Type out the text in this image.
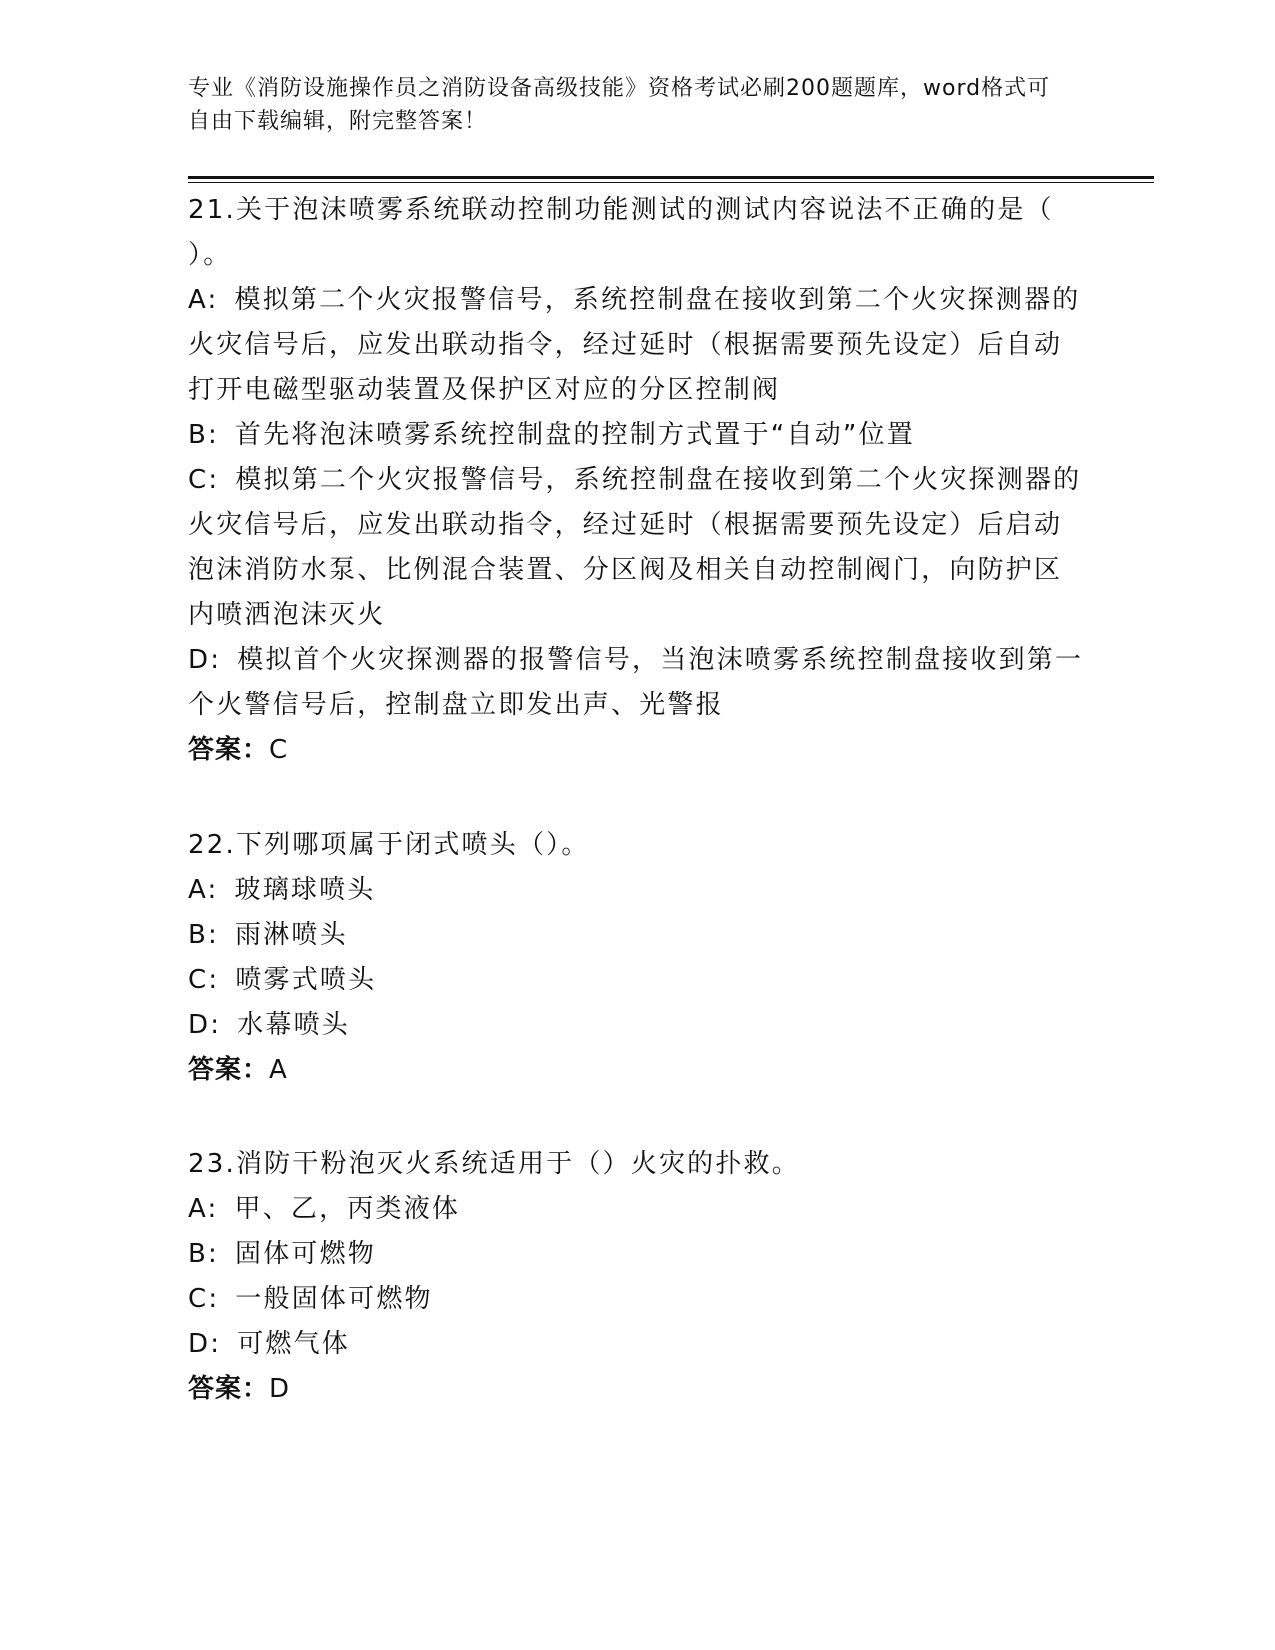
专业《消防设施操作员之消防设备高级技能》资格考试必刷200题题库，word格式可自由下载编辑，附完整答案！

21.关于泡沫喷雾系统联动控制功能测试的测试内容说法不正确的是（ ）。

A: 模拟第二个火灾报警信号，系统控制盘在接收到第二个火灾探测器的火灾信号后，应发出联动指令，经过延时（根据需要预先设定）后自动打开电磁型驱动装置及保护区对应的分区控制阀

B: 首先将泡沫喷雾系统控制盘的控制方式置于“自动”位置

C: 模拟第二个火灾报警信号，系统控制盘在接收到第二个火灾探测器的火灾信号后，应发出联动指令，经过延时（根据需要预先设定）后启动泡沫消防水泵、比例混合装置、分区阀及相关自动控制阀门，向防护区内喷洒泡沫灭火

D: 模拟首个火灾探测器的报警信号，当泡沫喷雾系统控制盘接收到第一个火警信号后，控制盘立即发出声、光警报

答案：C

22.下列哪项属于闭式喷头（）。

A: 玻璃球喷头

B: 雨淋喷头

C: 喷雾式喷头

D: 水幕喷头

答案：A

23.消防干粉泡灭火系统适用于（）火灾的扑救。

A: 甲、乙，丙类液体

B: 固体可燃物

C: 一般固体可燃物

D: 可燃气体

答案：D
